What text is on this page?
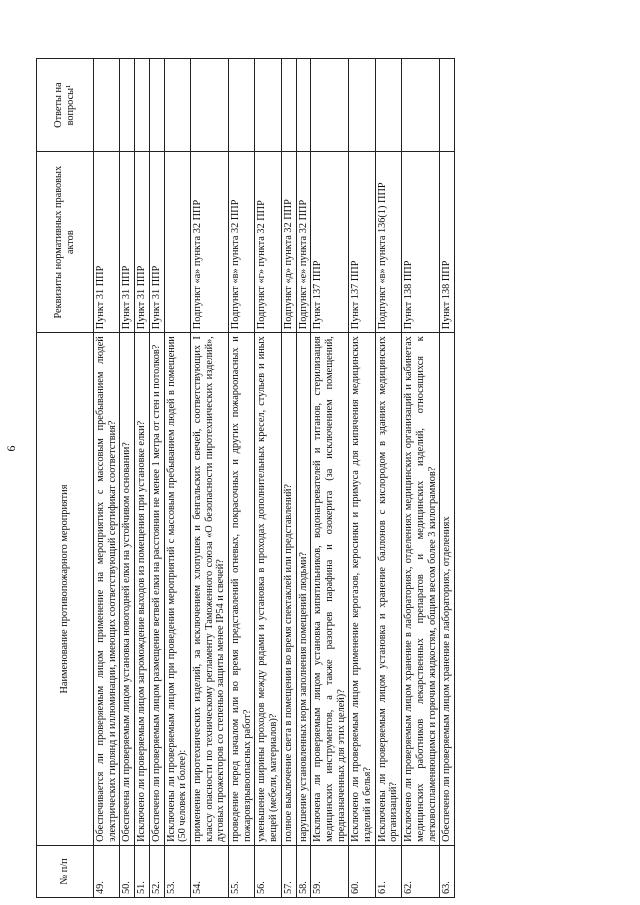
9
№ п/п	Наименование противопожарного мероприятия	Реквизиты нормативных правовых актов	Ответы на вопросы¹
49.	Обеспечивается ли проверяемым лицом применение на мероприятиях с массовым пребыванием людей электрических гирлянд и иллюминации, имеющих соответствующий сертификат соответствия?	Пункт 31 ППР	
50.	Обеспечена ли проверяемым лицом установка новогодней елки на устойчивом основании?	Пункт 31 ППР	
51.	Исключено ли проверяемым лицом загромождение выходов из помещения при установке елки?	Пункт 31 ППР	
52.	Обеспечено ли проверяемым лицом размещение ветвей елки на расстоянии не менее 1 метра от стен и потолков?	Пункт 31 ППР	
53.	Исключены ли проверяемым лицом при проведении мероприятий с массовым пребыванием людей в помещении (50 человек и более):		
54.	применение пиротехнических изделий, за исключением хлопушек и бенгальских свечей, соответствующих I классу опасности по техническому регламенту Таможенного союза «О безопасности пиротехнических изделий», дуговых прожекторов со степенью защиты менее IP54 и свечей?	Подпункт «а» пункта 32 ППР	
55.	проведение перед началом или во время представлений огневых, покрасочных и других пожароопасных и пожаровзрывоопасных работ?	Подпункт «в» пункта 32 ППР	
56.	уменьшение ширины проходов между рядами и установка в проходах дополнительных кресел, стульев и иных вещей (мебели, материалов)?	Подпункт «г» пункта 32 ППР	
57.	полное выключение света в помещении во время спектаклей или представлений?	Подпункт «д» пункта 32 ППР	
58.	нарушение установленных норм заполнения помещений людьми?	Подпункт «е» пункта 32 ППР	
59.	Исключена ли проверяемым лицом установка кипятильников, водонагревателей и титанов, стерилизация медицинских инструментов, а также разогрев парафина и озокерита (за исключением помещений, предназначенных для этих целей)?	Пункт 137 ППР	
60.	Исключено ли проверяемым лицом применение керогазов, керосинки и примуса для кипячения медицинских изделий и белья?	Пункт 137 ППР	
61.	Исключены ли проверяемым лицом установка и хранение баллонов с кислородом в зданиях медицинских организаций?	Подпункт «в» пункта 136(1) ППР	
62.	Исключено ли проверяемым лицом хранение в лабораториях, отделениях медицинских организаций и кабинетах медицинских работников лекарственных препаратов и медицинских изделий, относящихся к легковоспламеняющимся и горючим жидкостям, общим весом более 3 килограммов?	Пункт 138 ППР	
63.	Обеспечено ли проверяемым лицом хранение в лабораториях, отделениях	Пункт 138 ППР	
